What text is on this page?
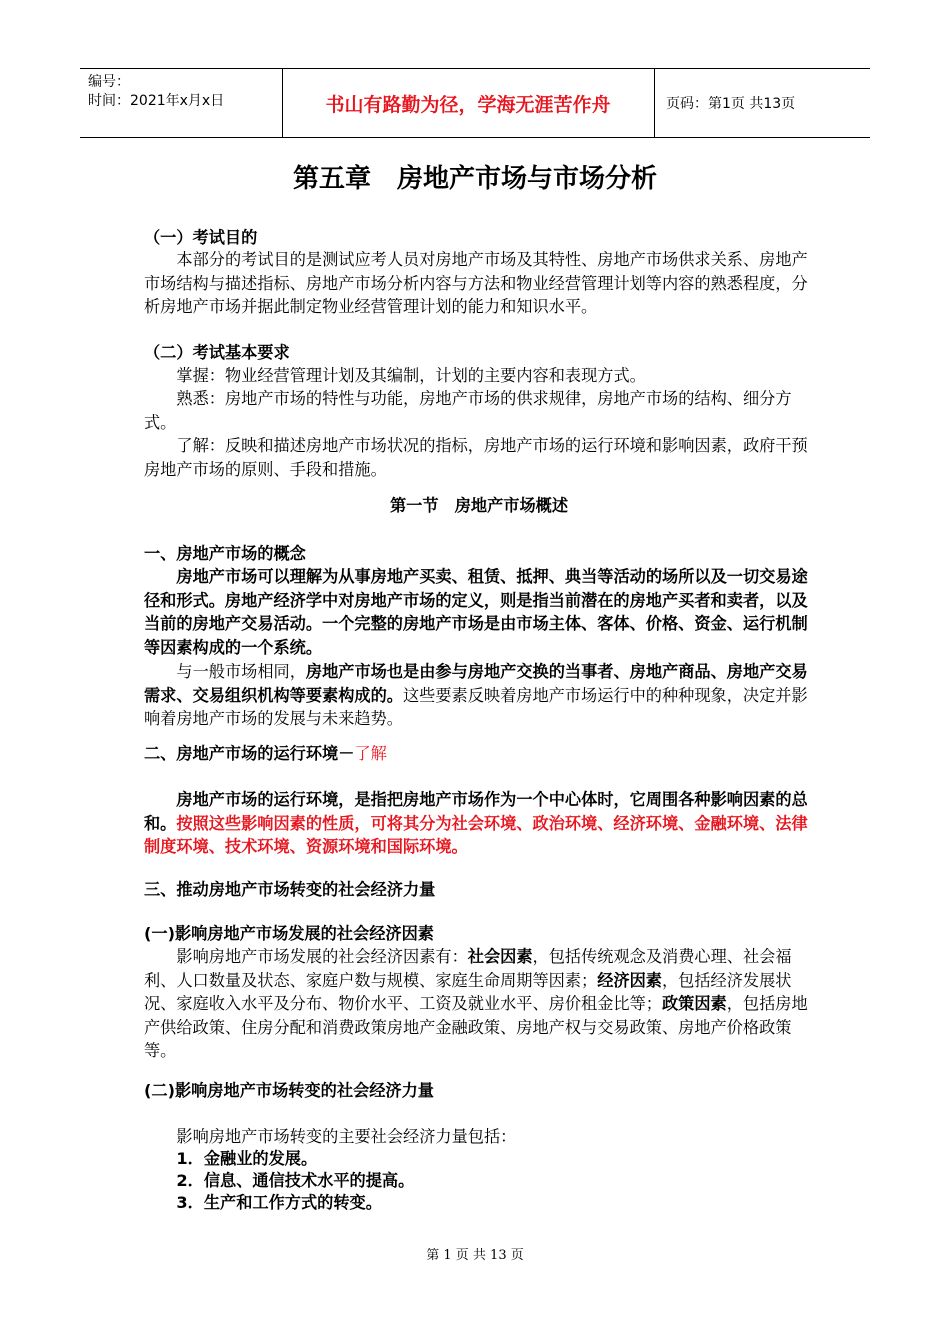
编号：
时间：2021年x月x日	书山有路勤为径，学海无涯苦作舟	页码：第1页 共13页
第五章　房地产市场与市场分析

（一）考试目的

本部分的考试目的是测试应考人员对房地产市场及其特性、房地产市场供求关系、房地产市场结构与描述指标、房地产市场分析内容与方法和物业经营管理计划等内容的熟悉程度，分析房地产市场并据此制定物业经营管理计划的能力和知识水平。

（二）考试基本要求

掌握：物业经营管理计划及其编制，计划的主要内容和表现方式。

熟悉：房地产市场的特性与功能，房地产市场的供求规律，房地产市场的结构、细分方式。

了解：反映和描述房地产市场状况的指标，房地产市场的运行环境和影响因素，政府干预房地产市场的原则、手段和措施。

第一节　房地产市场概述

一、房地产市场的概念

房地产市场可以理解为从事房地产买卖、租赁、抵押、典当等活动的场所以及一切交易途径和形式。房地产经济学中对房地产市场的定义，则是指当前潜在的房地产买者和卖者，以及当前的房地产交易活动。一个完整的房地产市场是由市场主体、客体、价格、资金、运行机制等因素构成的一个系统。

与一般市场相同，房地产市场也是由参与房地产交换的当事者、房地产商品、房地产交易需求、交易组织机构等要素构成的。这些要素反映着房地产市场运行中的种种现象，决定并影响着房地产市场的发展与未来趋势。

二、房地产市场的运行环境－了解

房地产市场的运行环境，是指把房地产市场作为一个中心体时，它周围各种影响因素的总和。按照这些影响因素的性质，可将其分为社会环境、政治环境、经济环境、金融环境、法律制度环境、技术环境、资源环境和国际环境。

三、推动房地产市场转变的社会经济力量

(一)影响房地产市场发展的社会经济因素

影响房地产市场发展的社会经济因素有：社会因素，包括传统观念及消费心理、社会福利、人口数量及状态、家庭户数与规模、家庭生命周期等因素；经济因素，包括经济发展状况、家庭收入水平及分布、物价水平、工资及就业水平、房价租金比等；政策因素，包括房地产供给政策、住房分配和消费政策房地产金融政策、房地产权与交易政策、房地产价格政策等。

(二)影响房地产市场转变的社会经济力量

影响房地产市场转变的主要社会经济力量包括：

1．金融业的发展。

2．信息、通信技术水平的提高。

3．生产和工作方式的转变。

第 1 页 共 13 页
